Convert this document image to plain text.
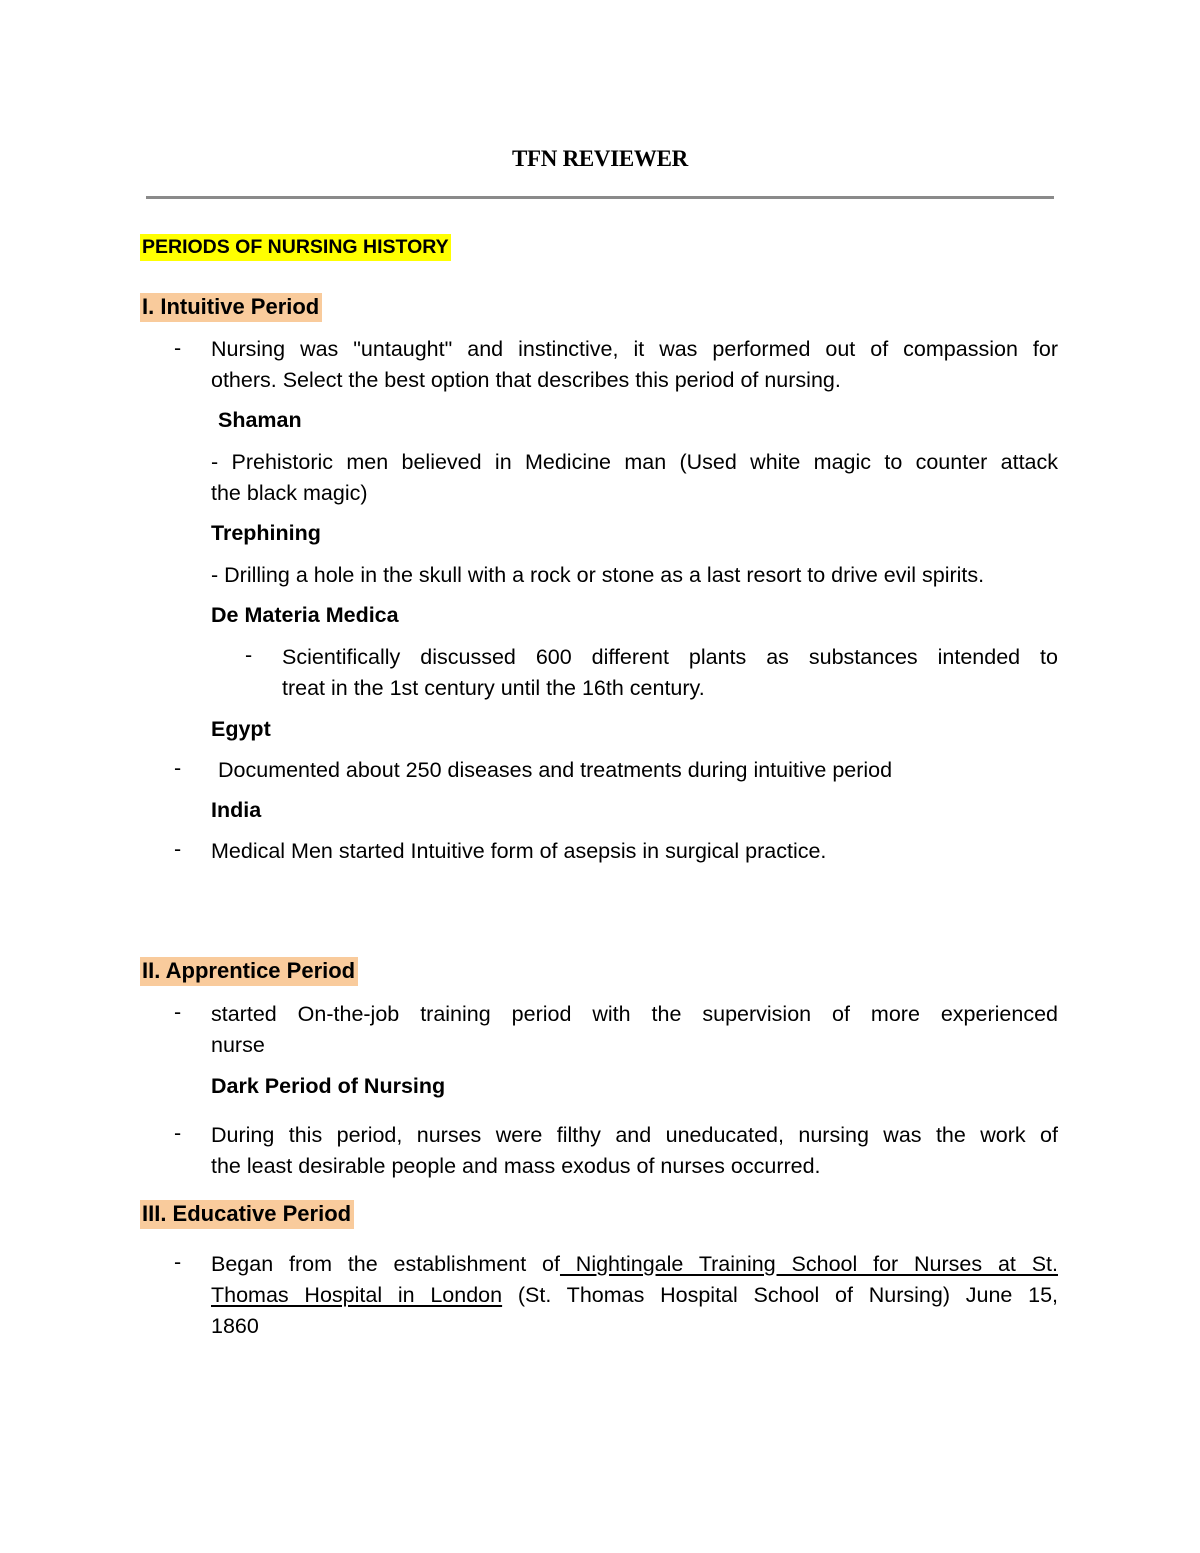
TFN REVIEWER
PERIODS OF NURSING HISTORY
I. Intuitive Period
- Nursing was "untaught" and instinctive, it was performed out of compassion for
others. Select the best option that describes this period of nursing.
Shaman
- Prehistoric men believed in Medicine man (Used white magic to counter attack
the black magic)
Trephining
- Drilling a hole in the skull with a rock or stone as a last resort to drive evil spirits.
De Materia Medica
- Scientifically discussed 600 different plants as substances intended to
treat in the 1st century until the 16th century.
Egypt
- Documented about 250 diseases and treatments during intuitive period
India
- Medical Men started Intuitive form of asepsis in surgical practice.
II. Apprentice Period
- started On-the-job training period with the supervision of more experienced
nurse
Dark Period of Nursing
- During this period, nurses were filthy and uneducated, nursing was the work of
the least desirable people and mass exodus of nurses occurred.
III. Educative Period
- Began from the establishment of Nightingale Training School for Nurses at St.
Thomas Hospital in London (St. Thomas Hospital School of Nursing) June 15,
1860
